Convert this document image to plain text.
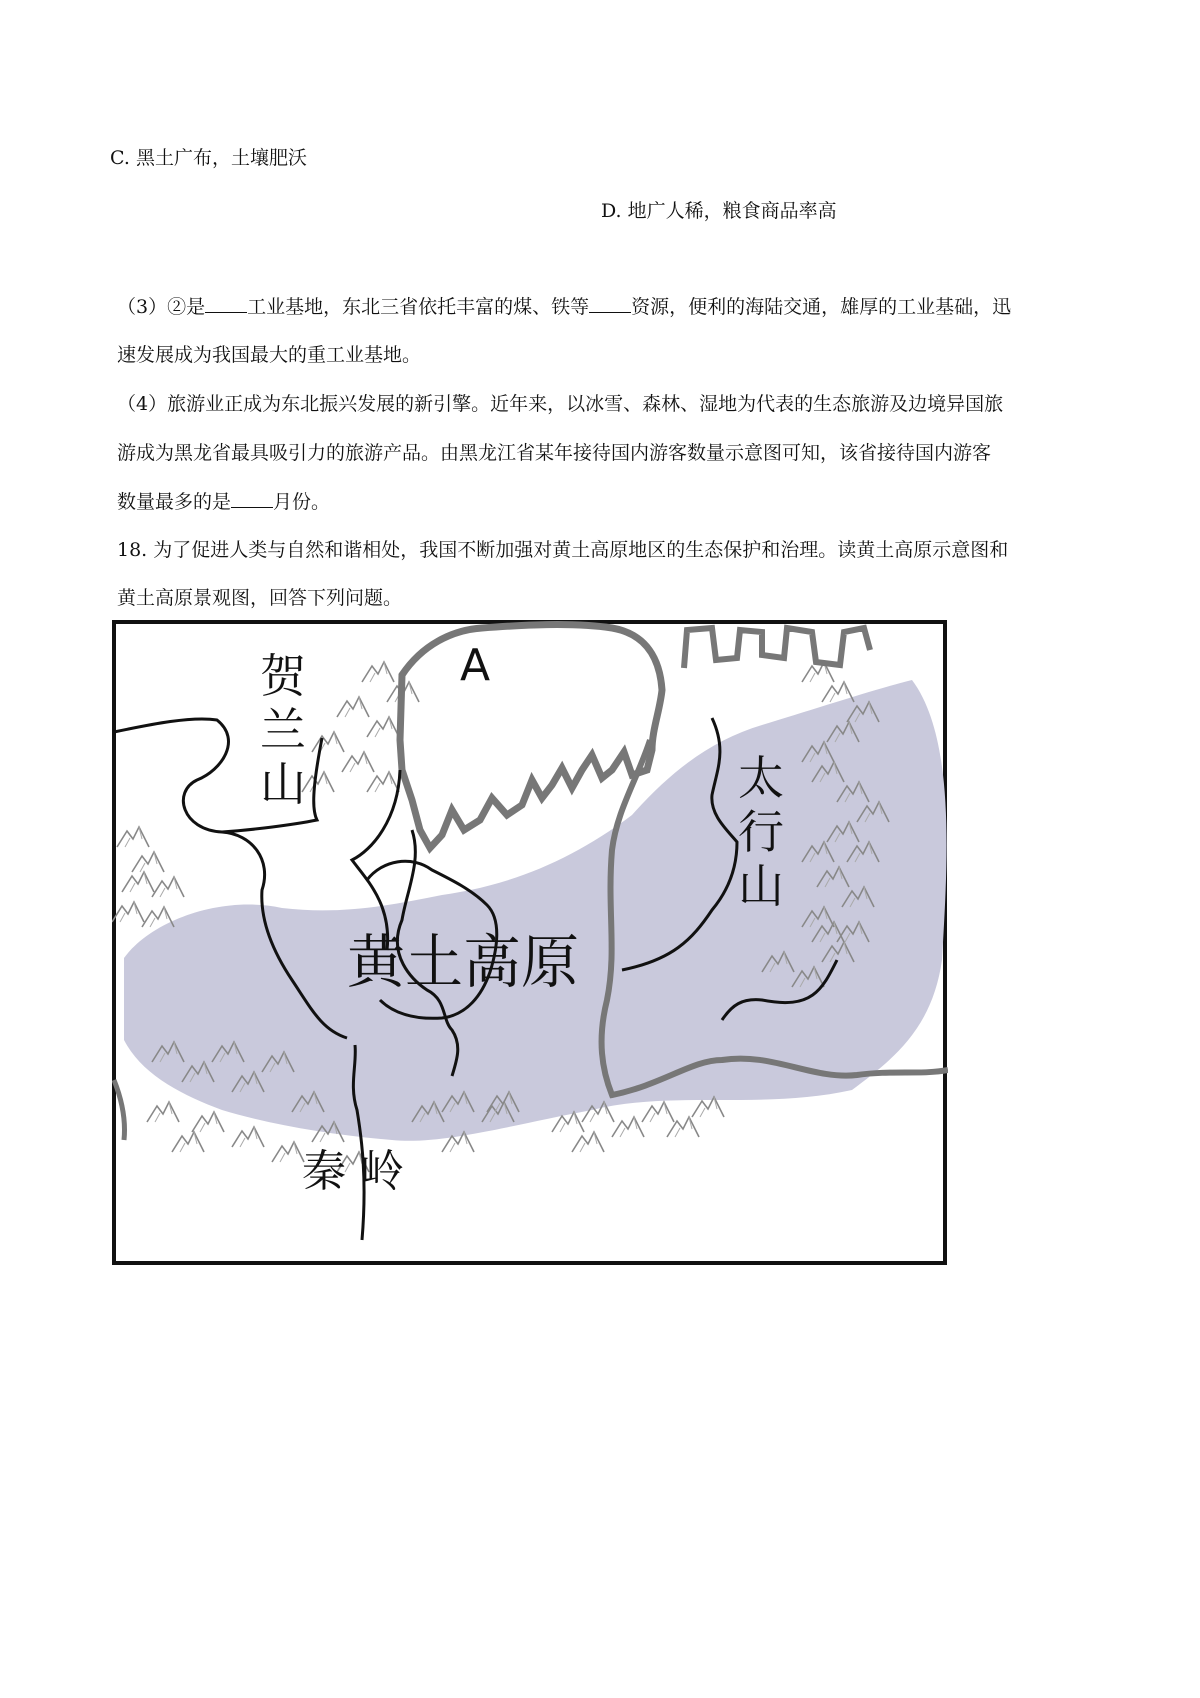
C. 黑土广布，土壤肥沃
D. 地广人稀，粮食商品率高
（3）②是 工业基地，东北三省依托丰富的煤、铁等 资源，便利的海陆交通，雄厚的工业基础，迅
速发展成为我国最大的重工业基地。
（4）旅游业正成为东北振兴发展的新引擎。近年来，以冰雪、森林、湿地为代表的生态旅游及边境异国旅
游成为黑龙省最具吸引力的旅游产品。由黑龙江省某年接待国内游客数量示意图可知，该省接待国内游客
数量最多的是 月份。
18. 为了促进人类与自然和谐相处，我国不断加强对黄土高原地区的生态保护和治理。读黄土高原示意图和
黄土高原景观图，回答下列问题。
A
贺
兰
山	太
行
山
黄土高原
秦 岭
